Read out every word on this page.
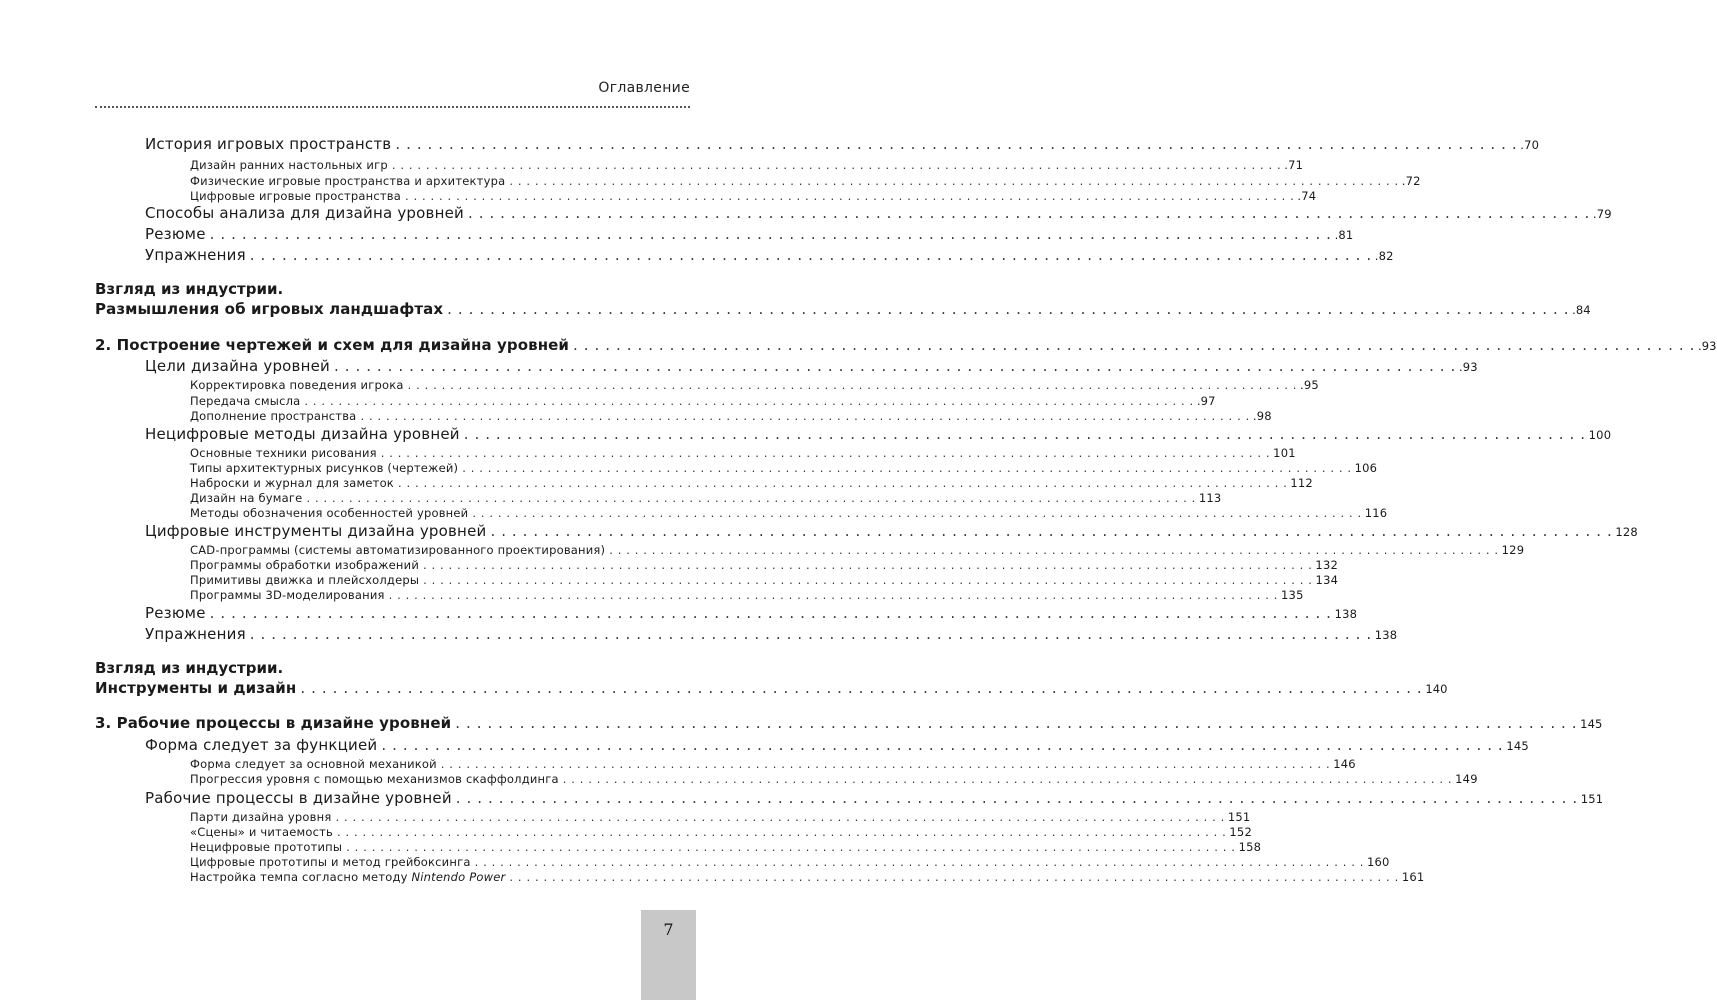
Оглавление
История игровых пространств . . .	.70
Дизайн ранних настольных игр . . .	.71
Физические игровые пространства и архитектура . . .	.72
Цифровые игровые пространства . . .	.74
Способы анализа для дизайна уровней . . .	.79
Резюме . . .	.81
Упражнения . . .	.82
Взгляд из индустрии.
Размышления об игровых ландшафтах . . .	.84
2. Построение чертежей и схем для дизайна уровней . . .	.93
Цели дизайна уровней . . .	.93
Корректировка поведения игрока . . .	.95
Передача смысла . . .	.97
Дополнение пространства . . .	.98
Нецифровые методы дизайна уровней . . .	100
Основные техники рисования . . .	101
Типы архитектурных рисунков (чертежей) . . .	106
Наброски и журнал для заметок . . .	112
Дизайн на бумаге . . .	113
Методы обозначения особенностей уровней . . .	116
Цифровые инструменты дизайна уровней . . .	128
CAD-программы (системы автоматизированного проектирования) . . .	129
Программы обработки изображений . . .	132
Примитивы движка и плейсхолдеры . . .	134
Программы 3D-моделирования . . .	135
Резюме . . .	138
Упражнения . . .	138
Взгляд из индустрии.
Инструменты и дизайн . . .	140
3. Рабочие процессы в дизайне уровней . . .	145
Форма следует за функцией . . .	145
Форма следует за основной механикой . . .	146
Прогрессия уровня с помощью механизмов скаффолдинга . . .	149
Рабочие процессы в дизайне уровней . . .	151
Парти дизайна уровня . . .	151
«Сцены» и читаемость . . .	152
Нецифровые прототипы . . .	158
Цифровые прототипы и метод грейбоксинга . . .	160
Настройка темпа согласно методу Nintendo Power . . .	161
7
